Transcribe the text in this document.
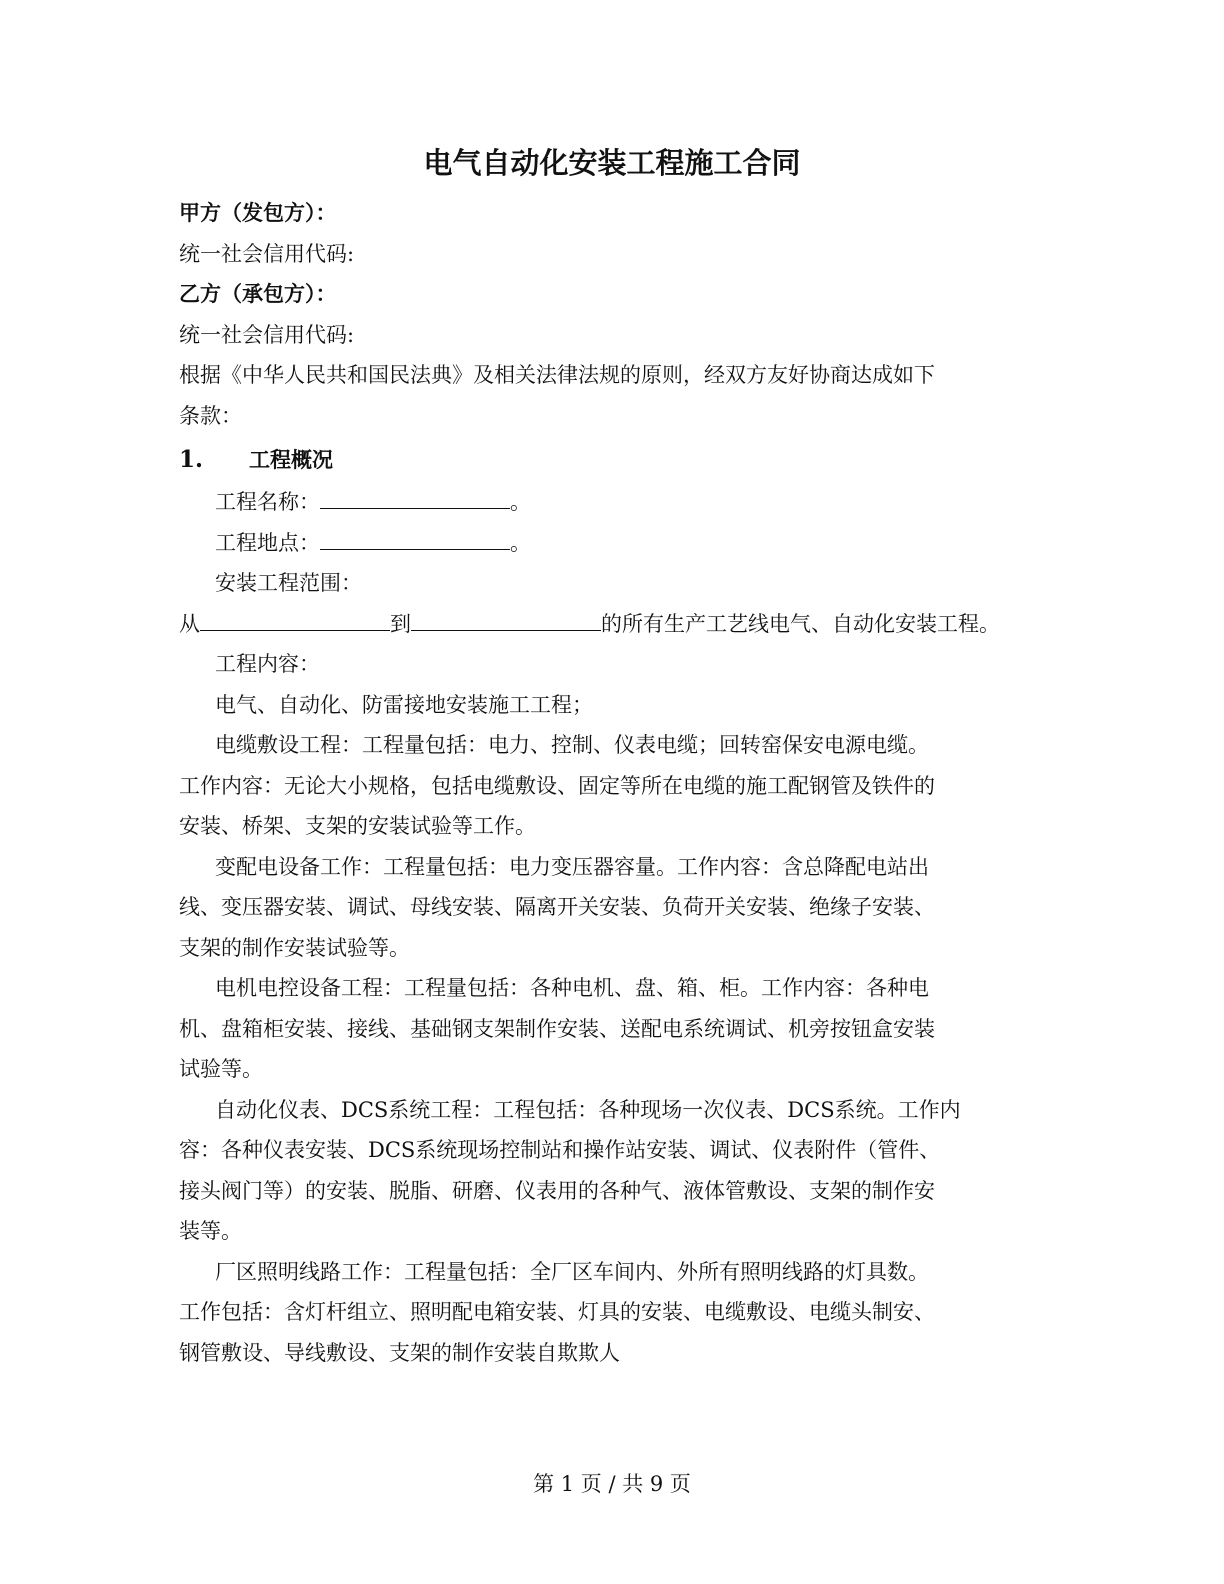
电气自动化安装工程施工合同
甲方（发包方）：
统一社会信用代码:
乙方（承包方）：
统一社会信用代码:
根据《中华人民共和国民法典》及相关法律法规的原则，经双方友好协商达成如下
条款：
1. 工程概况
工程名称：	。
工程地点：	。
安装工程范围：
从	到	的所有生产工艺线电气、自动化安装工程。
工程内容：
电气、自动化、防雷接地安装施工工程；
电缆敷设工程：工程量包括：电力、控制、仪表电缆；回转窑保安电源电缆。
工作内容：无论大小规格，包括电缆敷设、固定等所在电缆的施工配钢管及铁件的
安装、桥架、支架的安装试验等工作。
变配电设备工作：工程量包括：电力变压器容量。工作内容：含总降配电站出
线、变压器安装、调试、母线安装、隔离开关安装、负荷开关安装、绝缘子安装、
支架的制作安装试验等。
电机电控设备工程：工程量包括：各种电机、盘、箱、柜。工作内容：各种电
机、盘箱柜安装、接线、基础钢支架制作安装、送配电系统调试、机旁按钮盒安装
试验等。
自动化仪表、DCS系统工程：工程包括：各种现场一次仪表、DCS系统。工作内
容：各种仪表安装、DCS系统现场控制站和操作站安装、调试、仪表附件（管件、
接头阀门等）的安装、脱脂、研磨、仪表用的各种气、液体管敷设、支架的制作安
装等。
厂区照明线路工作：工程量包括：全厂区车间内、外所有照明线路的灯具数。
工作包括：含灯杆组立、照明配电箱安装、灯具的安装、电缆敷设、电缆头制安、
钢管敷设、导线敷设、支架的制作安装自欺欺人
第 1 页 / 共 9 页
